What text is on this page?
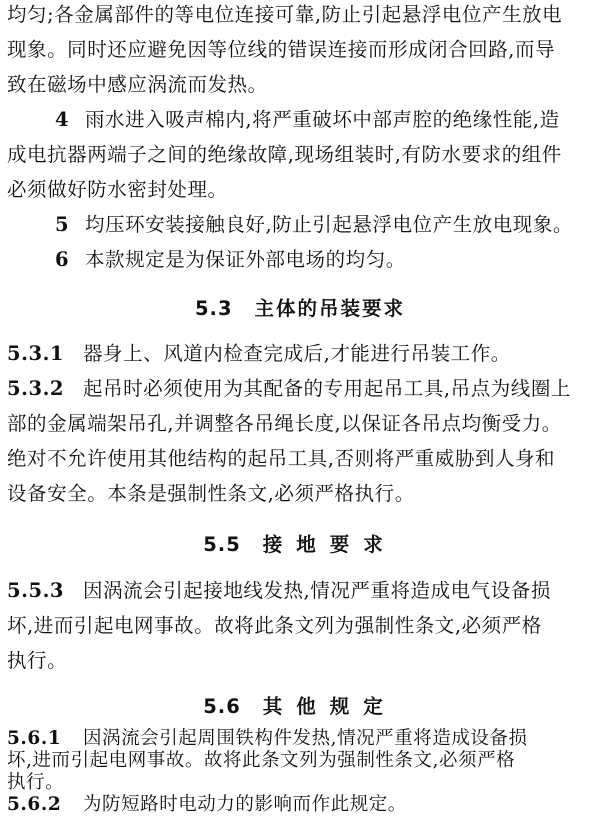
均匀;各金属部件的等电位连接可靠,防止引起悬浮电位产生放电
现象。同时还应避免因等位线的错误连接而形成闭合回路,而导
致在磁场中感应涡流而发热。
4 雨水进入吸声棉内,将严重破坏中部声腔的绝缘性能,造
成电抗器两端子之间的绝缘故障,现场组装时,有防水要求的组件
必须做好防水密封处理。
5 均压环安装接触良好,防止引起悬浮电位产生放电现象。
6 本款规定是为保证外部电场的均匀。
5.3 主体的吊装要求
5.3.1 器身上、风道内检查完成后,才能进行吊装工作。
5.3.2 起吊时必须使用为其配备的专用起吊工具,吊点为线圈上
部的金属端架吊孔,并调整各吊绳长度,以保证各吊点均衡受力。
绝对不允许使用其他结构的起吊工具,否则将严重威胁到人身和
设备安全。本条是强制性条文,必须严格执行。
5.5 接地要求
5.5.3 因涡流会引起接地线发热,情况严重将造成电气设备损
坏,进而引起电网事故。故将此条文列为强制性条文,必须严格
执行。
5.6 其他规定
5.6.1 因涡流会引起周围铁构件发热,情况严重将造成设备损
坏,进而引起电网事故。故将此条文列为强制性条文,必须严格
执行。
5.6.2 为防短路时电动力的影响而作此规定。
